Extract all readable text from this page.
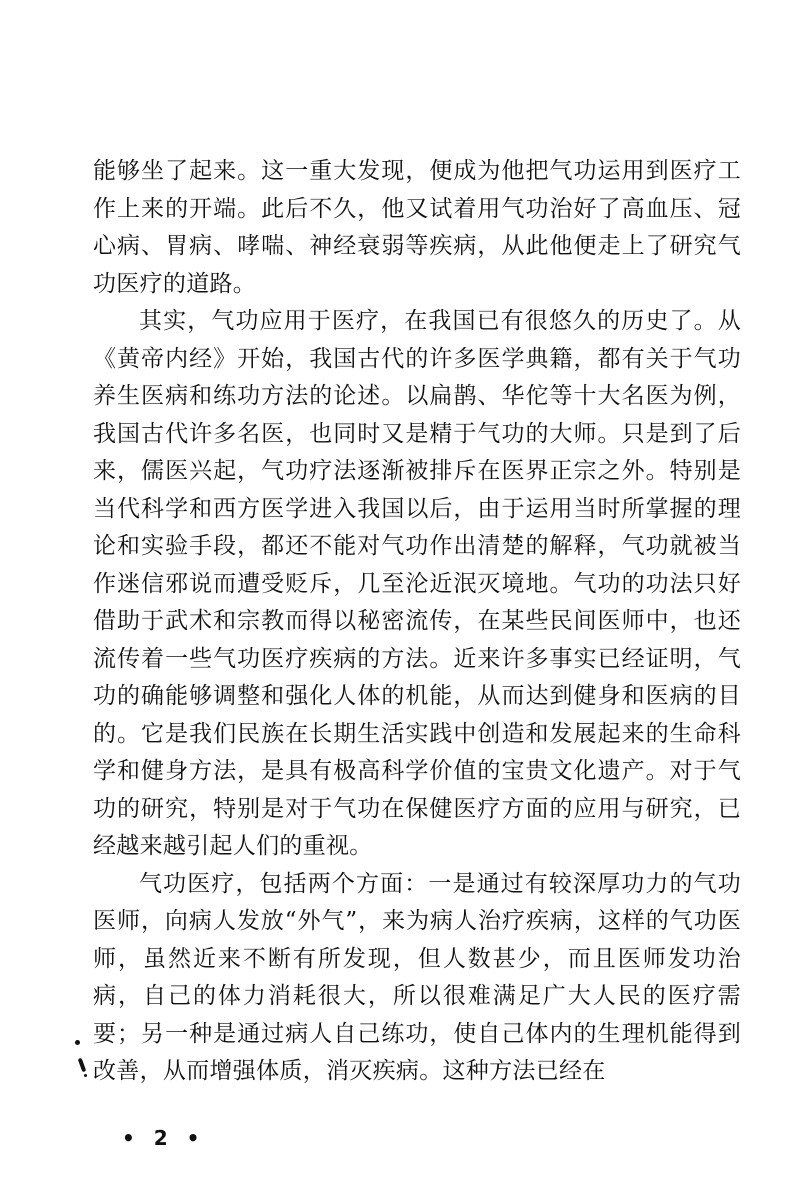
能够坐了起来。这一重大发现，便成为他把气功运用到医疗工作上来的开端。此后不久，他又试着用气功治好了高血压、冠心病、胃病、哮喘、神经衰弱等疾病，从此他便走上了研究气功医疗的道路。

其实，气功应用于医疗，在我国已有很悠久的历史了。从《黄帝内经》开始，我国古代的许多医学典籍，都有关于气功养生医病和练功方法的论述。以扁鹊、华佗等十大名医为例，我国古代许多名医，也同时又是精于气功的大师。只是到了后来，儒医兴起，气功疗法逐渐被排斥在医界正宗之外。特别是当代科学和西方医学进入我国以后，由于运用当时所掌握的理论和实验手段，都还不能对气功作出清楚的解释，气功就被当作迷信邪说而遭受贬斥，几至沦近泯灭境地。气功的功法只好借助于武术和宗教而得以秘密流传，在某些民间医师中，也还流传着一些气功医疗疾病的方法。近来许多事实已经证明，气功的确能够调整和强化人体的机能，从而达到健身和医病的目的。它是我们民族在长期生活实践中创造和发展起来的生命科学和健身方法，是具有极高科学价值的宝贵文化遗产。对于气功的研究，特别是对于气功在保健医疗方面的应用与研究，已经越来越引起人们的重视。

气功医疗，包括两个方面：一是通过有较深厚功力的气功医师，向病人发放“外气”，来为病人治疗疾病，这样的气功医师，虽然近来不断有所发现，但人数甚少，而且医师发功治病，自己的体力消耗很大，所以很难满足广大人民的医疗需要；另一种是通过病人自己练功，使自己体内的生理机能得到改善，从而增强体质，消灭疾病。这种方法已经在

• 2 •
